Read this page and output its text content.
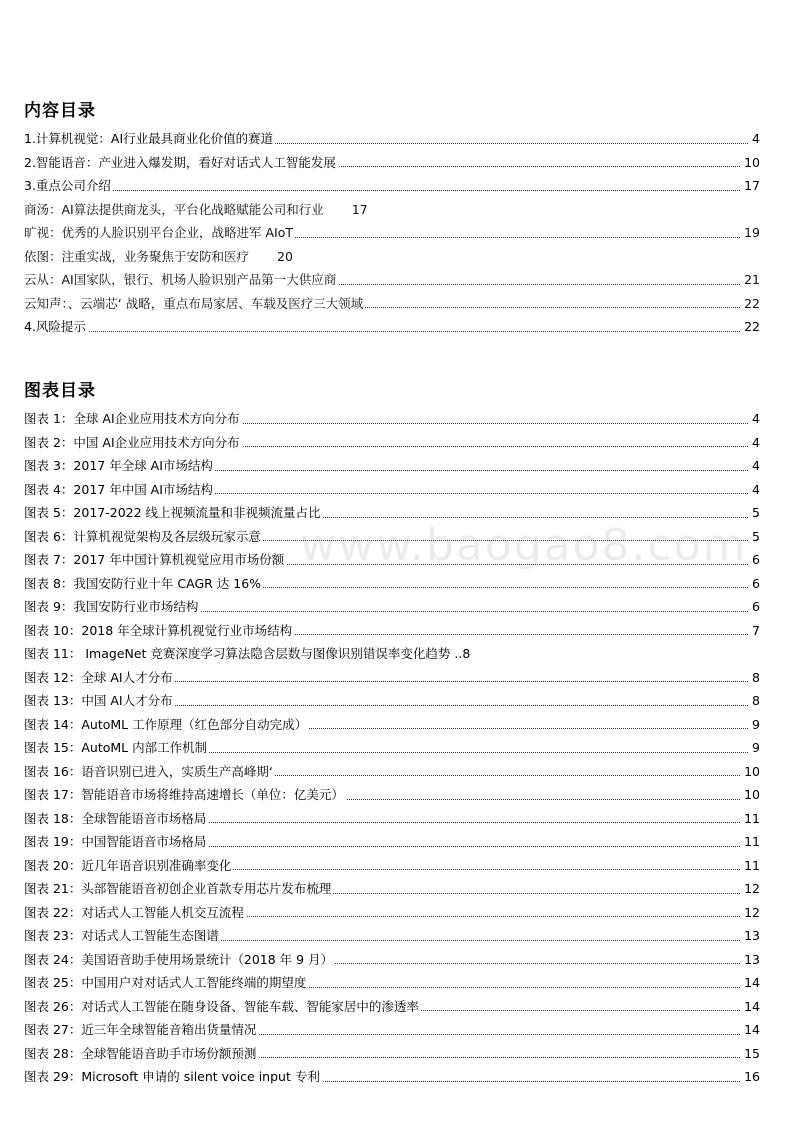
内容目录
1.计算机视觉：AI行业最具商业化价值的赛道	4
2.智能语音：产业进入爆发期，看好对话式人工智能发展	10
3.重点公司介绍	17
商汤：AI算法提供商龙头，平台化战略赋能公司和行业 17
旷视：优秀的人脸识别平台企业，战略进军 AIoT	19
依图：注重实战，业务聚焦于安防和医疗 20
云从：AI国家队，银行、机场人脸识别产品第一大供应商	21
云知声：、云端芯‘ 战略，重点布局家居、车载及医疗三大领域	22
4.风险提示	22
图表目录
图表 1：全球 AI企业应用技术方向分布	4
图表 2：中国 AI企业应用技术方向分布	4
图表 3：2017 年全球 AI市场结构	4
图表 4：2017 年中国 AI市场结构	4
图表 5：2017-2022 线上视频流量和非视频流量占比	5
图表 6：计算机视觉架构及各层级玩家示意	5
图表 7：2017 年中国计算机视觉应用市场份额	6
图表 8：我国安防行业十年 CAGR 达 16%	6
图表 9：我国安防行业市场结构	6
图表 10：2018 年全球计算机视觉行业市场结构	7
图表 11： ImageNet 竞赛深度学习算法隐含层数与图像识别错误率变化趋势 ..8
图表 12：全球 AI人才分布	8
图表 13：中国 AI人才分布	8
图表 14：AutoML 工作原理（红色部分自动完成）	9
图表 15：AutoML 内部工作机制	9
图表 16：语音识别已进入，实质生产高峰期‘	10
图表 17：智能语音市场将维持高速增长（单位：亿美元）	10
图表 18：全球智能语音市场格局	11
图表 19：中国智能语音市场格局	11
图表 20：近几年语音识别准确率变化	11
图表 21：头部智能语音初创企业首款专用芯片发布梳理	12
图表 22：对话式人工智能人机交互流程	12
图表 23：对话式人工智能生态图谱	13
图表 24：美国语音助手使用场景统计（2018 年 9 月）	13
图表 25：中国用户对对话式人工智能终端的期望度	14
图表 26：对话式人工智能在随身设备、智能车载、智能家居中的渗透率	14
图表 27：近三年全球智能音箱出货量情况	14
图表 28：全球智能语音助手市场份额预测	15
图表 29：Microsoft 申请的 silent voice input 专利	16
www.baogao8.com
